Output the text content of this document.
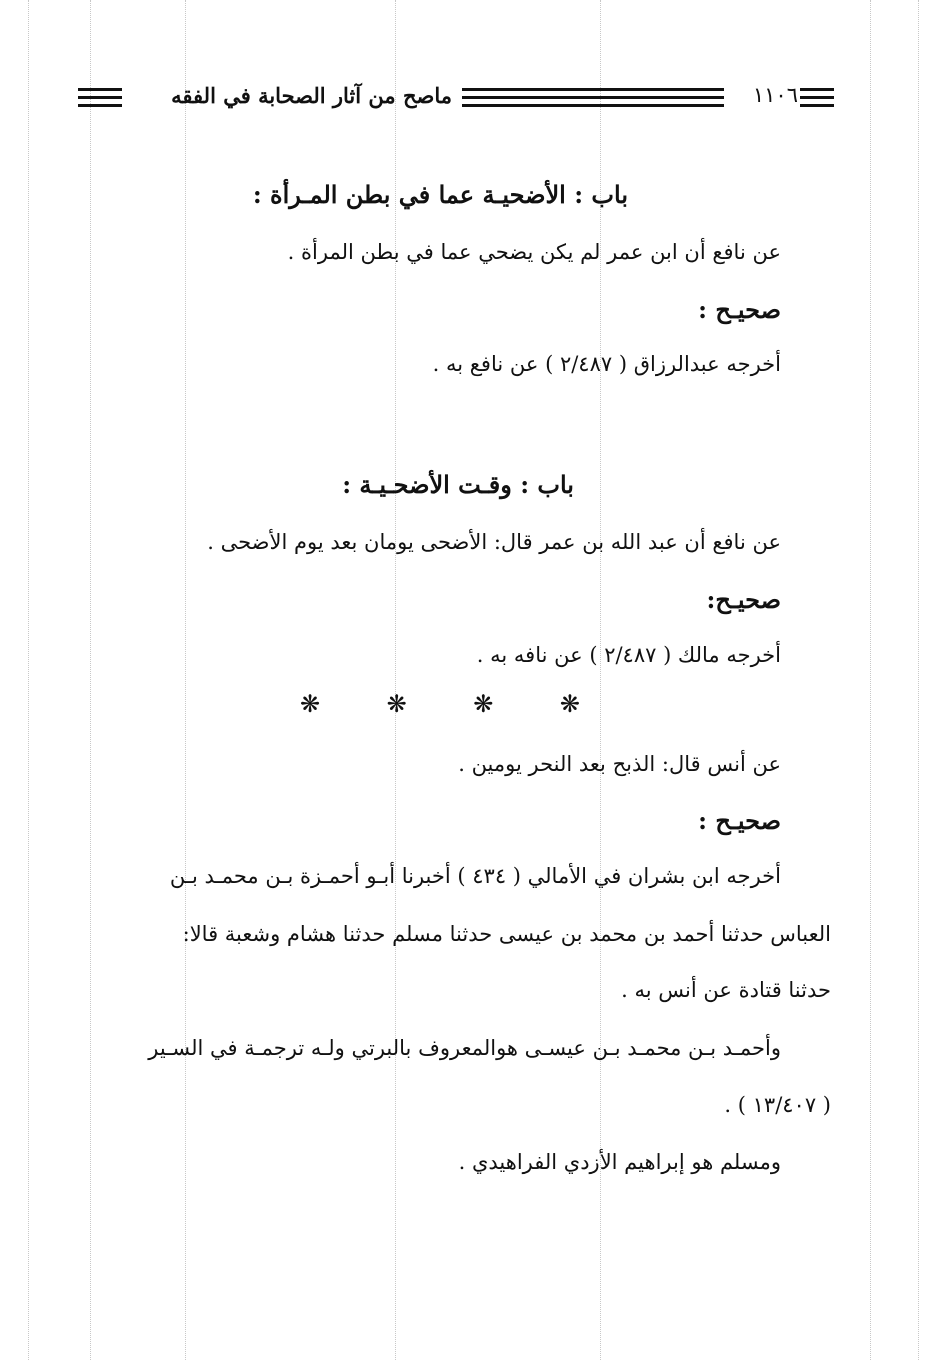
ماصح من آثار الصحابة في الفقه	١١٠٦
باب : الأضحيـة عما في بطن المـرأة :
عن نافع أن ابن عمر لم يكن يضحي عما في بطن المرأة .
صحيـح :
أخرجه عبدالرزاق ( ٢/٤٨٧ ) عن نافع به .
باب : وقـت الأضحـيـة :
عن نافع أن عبد الله بن عمر قال: الأضحى يومان بعد يوم الأضحى .
صحيـح:
أخرجه مالك ( ٢/٤٨٧ ) عن نافه به .
❋	❋	❋	❋
عن أنس قال: الذبح بعد النحر يومين .
صحيـح :
أخرجه ابن بشران في الأمالي ( ٤٣٤ ) أخبرنا أبـو أحمـزة بـن محمـد بـن
العباس حدثنا أحمد بن محمد بن عيسى حدثنا مسلم حدثنا هشام وشعبة قالا:
حدثنا قتادة عن أنس به .
وأحمـد بـن محمـد بـن عيسـى هوالمعروف بالبرتي ولـه ترجمـة في السـير
( ١٣/٤٠٧ ) .
ومسلم هو إبراهيم الأزدي الفراهيدي .
